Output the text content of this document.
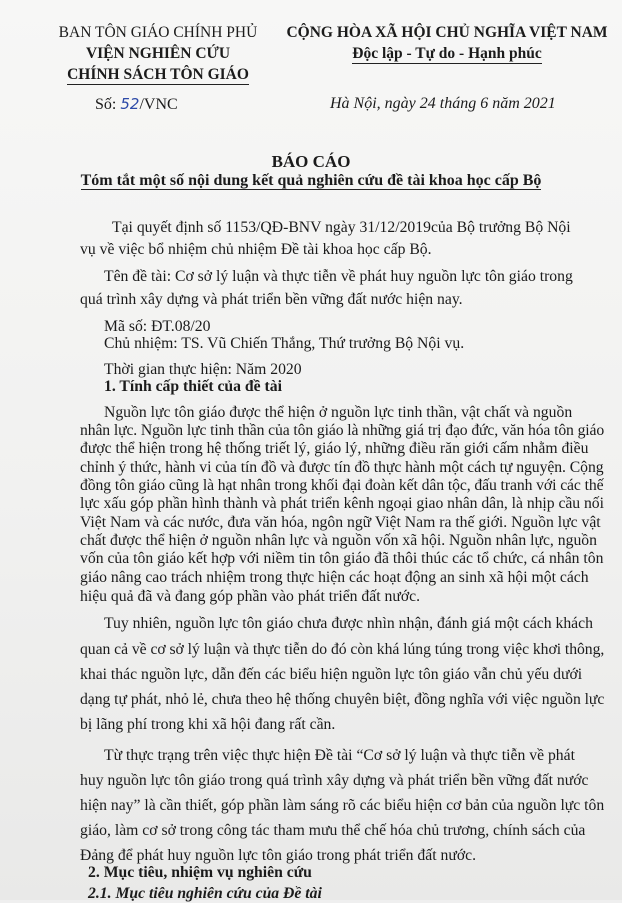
BAN TÔN GIÁO CHÍNH PHỦ
VIỆN NGHIÊN CỨU
CHÍNH SÁCH TÔN GIÁO
CỘNG HÒA XÃ HỘI CHỦ NGHĨA VIỆT NAM
Độc lập - Tự do - Hạnh phúc
Số: 52/VNC	Hà Nội, ngày 24 tháng 6 năm 2021
BÁO CÁO
Tóm tắt một số nội dung kết quả nghiên cứu đề tài khoa học cấp Bộ
Tại quyết định số 1153/QĐ-BNV ngày 31/12/2019của Bộ trưởng Bộ Nội
vụ về việc bổ nhiệm chủ nhiệm Đề tài khoa học cấp Bộ.
Tên đề tài: Cơ sở lý luận và thực tiễn về phát huy nguồn lực tôn giáo trong
quá trình xây dựng và phát triển bền vững đất nước hiện nay.
Mã số: ĐT.08/20
Chủ nhiệm: TS. Vũ Chiến Thắng, Thứ trưởng Bộ Nội vụ.
Thời gian thực hiện: Năm 2020
1. Tính cấp thiết của đề tài
Nguồn lực tôn giáo được thể hiện ở nguồn lực tinh thần, vật chất và nguồn
nhân lực. Nguồn lực tinh thần của tôn giáo là những giá trị đạo đức, văn hóa tôn giáo
được thể hiện trong hệ thống triết lý, giáo lý, những điều răn giới cấm nhằm điều
chỉnh ý thức, hành vi của tín đồ và được tín đồ thực hành một cách tự nguyện. Cộng
đồng tôn giáo cũng là hạt nhân trong khối đại đoàn kết dân tộc, đấu tranh với các thế
lực xấu góp phần hình thành và phát triển kênh ngoại giao nhân dân, là nhịp cầu nối
Việt Nam và các nước, đưa văn hóa, ngôn ngữ Việt Nam ra thế giới. Nguồn lực vật
chất được thể hiện ở nguồn nhân lực và nguồn vốn xã hội. Nguồn nhân lực, nguồn
vốn của tôn giáo kết hợp với niềm tin tôn giáo đã thôi thúc các tổ chức, cá nhân tôn
giáo nâng cao trách nhiệm trong thực hiện các hoạt động an sinh xã hội một cách
hiệu quả đã và đang góp phần vào phát triển đất nước.
Tuy nhiên, nguồn lực tôn giáo chưa được nhìn nhận, đánh giá một cách khách
quan cả về cơ sở lý luận và thực tiễn do đó còn khá lúng túng trong việc khơi thông,
khai thác nguồn lực, dẫn đến các biểu hiện nguồn lực tôn giáo vẫn chủ yếu dưới
dạng tự phát, nhỏ lẻ, chưa theo hệ thống chuyên biệt, đồng nghĩa với việc nguồn lực
bị lãng phí trong khi xã hội đang rất cần.
Từ thực trạng trên việc thực hiện Đề tài “Cơ sở lý luận và thực tiễn về phát
huy nguồn lực tôn giáo trong quá trình xây dựng và phát triển bền vững đất nước
hiện nay” là cần thiết, góp phần làm sáng rõ các biểu hiện cơ bản của nguồn lực tôn
giáo, làm cơ sở trong công tác tham mưu thể chế hóa chủ trương, chính sách của
Đảng để phát huy nguồn lực tôn giáo trong phát triển đất nước.
2. Mục tiêu, nhiệm vụ nghiên cứu
2.1. Mục tiêu nghiên cứu của Đề tài
